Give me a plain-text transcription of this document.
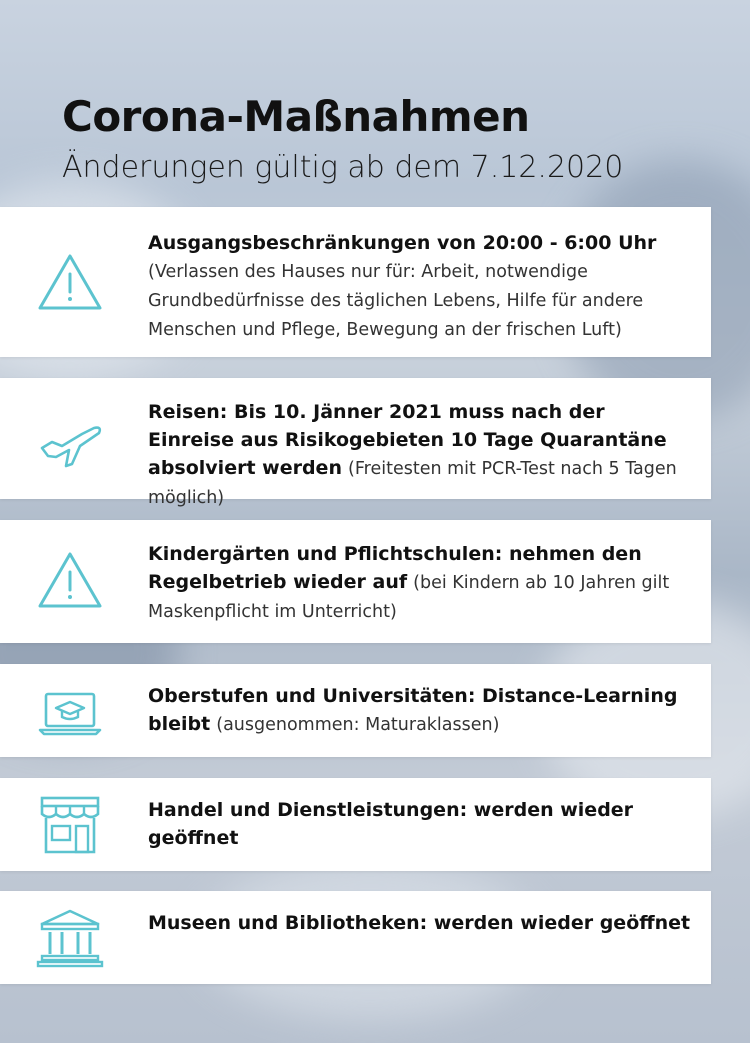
Corona-Maßnahmen
Änderungen gültig ab dem 7.12.2020
Ausgangsbeschränkungen von 20:00 - 6:00 Uhr
(Verlassen des Hauses nur für: Arbeit, notwendige Grundbedürfnisse des täglichen Lebens, Hilfe für andere Menschen und Pflege, Bewegung an der frischen Luft)
Reisen: Bis 10. Jänner 2021 muss nach der Einreise aus Risikogebieten 10 Tage Quarantäne absolviert werden (Freitesten mit PCR-Test nach 5 Tagen möglich)
Kindergärten und Pflichtschulen: nehmen den Regelbetrieb wieder auf (bei Kindern ab 10 Jahren gilt Maskenpflicht im Unterricht)
Oberstufen und Universitäten: Distance-Learning bleibt (ausgenommen: Maturaklassen)
Handel und Dienstleistungen: werden wieder geöffnet
Museen und Bibliotheken: werden wieder geöffnet
